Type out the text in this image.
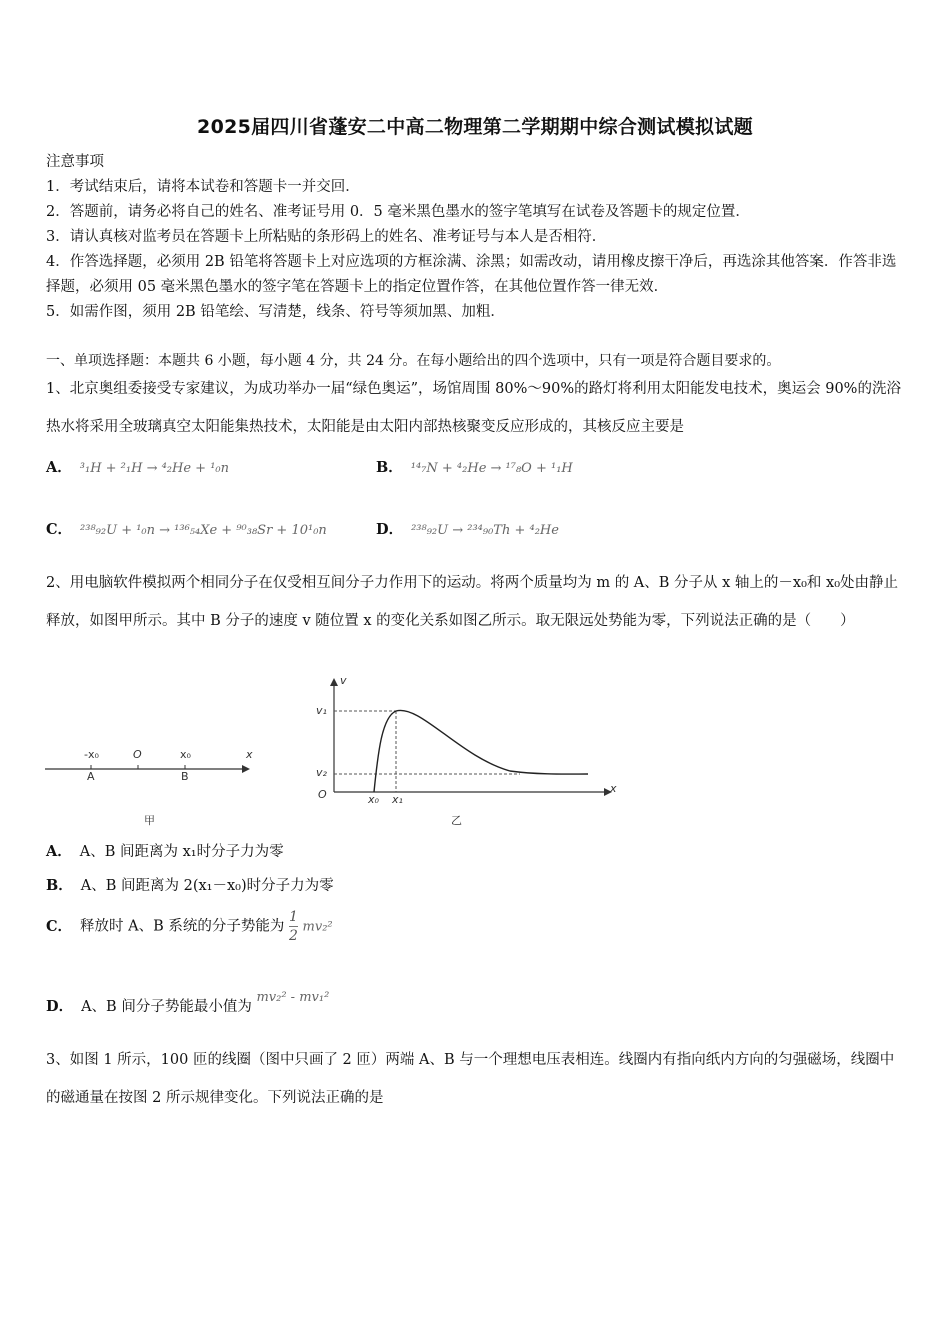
2025届四川省蓬安二中高二物理第二学期期中综合测试模拟试题
注意事项
1．考试结束后，请将本试卷和答题卡一并交回．
2．答题前，请务必将自己的姓名、准考证号用 0．5 毫米黑色墨水的签字笔填写在试卷及答题卡的规定位置．
3．请认真核对监考员在答题卡上所粘贴的条形码上的姓名、准考证号与本人是否相符．
4．作答选择题，必须用 2B 铅笔将答题卡上对应选项的方框涂满、涂黑；如需改动，请用橡皮擦干净后，再选涂其他答案．作答非选择题，必须用 05 毫米黑色墨水的签字笔在答题卡上的指定位置作答，在其他位置作答一律无效．
5．如需作图，须用 2B 铅笔绘、写清楚，线条、符号等须加黑、加粗．
一、单项选择题：本题共 6 小题，每小题 4 分，共 24 分。在每小题给出的四个选项中，只有一项是符合题目要求的。
1、北京奥组委接受专家建议，为成功举办一届“绿色奥运”，场馆周围 80%～90%的路灯将利用太阳能发电技术，奥运会 90%的洗浴热水将采用全玻璃真空太阳能集热技术，太阳能是由太阳内部热核聚变反应形成的，其核反应主要是
A． ³₁H + ²₁H → ⁴₂He + ¹₀n	B． ¹⁴₇N + ⁴₂He → ¹⁷₈O + ¹₁H
C． ²³⁸₉₂U + ¹₀n → ¹³⁶₅₄Xe + ⁹⁰₃₈Sr + 10¹₀n	D． ²³⁸₉₂U → ²³⁴₉₀Th + ⁴₂He
2、用电脑软件模拟两个相同分子在仅受相互间分子力作用下的运动。将两个质量均为 m 的 A、B 分子从 x 轴上的－x₀和 x₀处由静止释放，如图甲所示。其中 B 分子的速度 v 随位置 x 的变化关系如图乙所示。取无限远处势能为零，下列说法正确的是（　　）
-x₀	O	x₀	x
A	B
甲
v
x
O
v₁
v₂
x₀ x₁
乙
A． A、B 间距离为 x₁时分子力为零
B． A、B 间距离为 2(x₁－x₀)时分子力为零
C． 释放时 A、B 系统的分子势能为 $\frac{1}{2} mv_2^2$
D． A、B 间分子势能最小值为 mv₂² - mv₁²
3、如图 1 所示，100 匝的线圈（图中只画了 2 匝）两端 A、B 与一个理想电压表相连。线圈内有指向纸内方向的匀强磁场，线圈中的磁通量在按图 2 所示规律变化。下列说法正确的是
